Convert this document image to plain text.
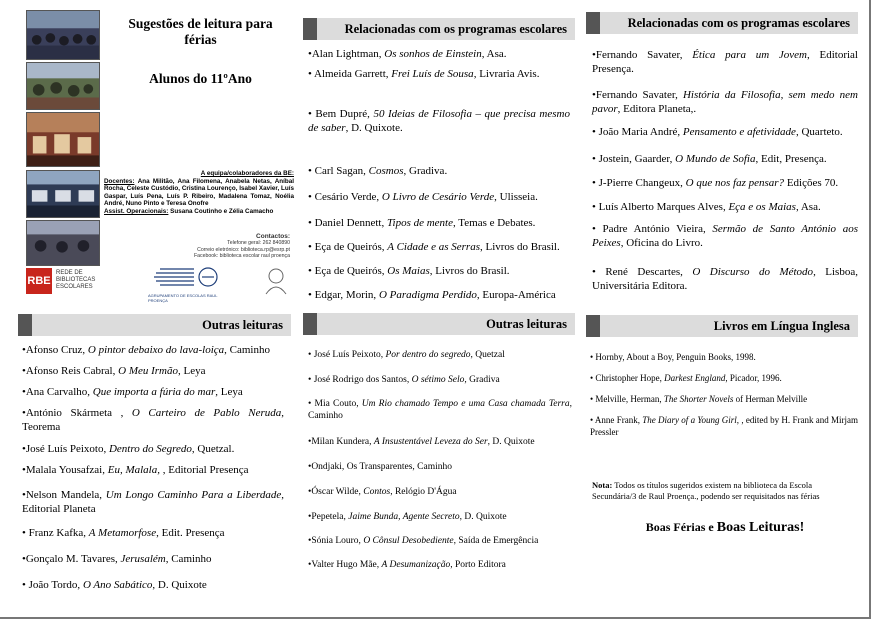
Sugestões de leitura para
férias
Alunos do 11ºAno
A equipa/colaboradores da BE:
Docentes: Ana Militão, Ana Filomena, Anabela Netas, Aníbal Rocha, Celeste Custódio, Cristina Lourenço, Isabel Xavier, Luís Gaspar, Luís Pena, Luís P. Ribeiro, Madalena Tomaz, Noélia André, Nuno Pinto e Teresa Onofre
Assist. Operacionais: Susana Coutinho e Zélia Camacho
Contactos:
Telefone geral: 262 840890
Correio eletrónico: biblioteca.rp@esrp.pt
Facebook: biblioteca escolar raul proença
RBE
REDE DE
BIBLIOTECAS
ESCOLARES
AGRUPAMENTO DE ESCOLAS RAUL PROENÇA
Relacionadas com os programas escolares
•Alan Lightman, Os sonhos de Einstein, Asa.
• Almeida Garrett, Frei Luís de Sousa, Livraria Avis.
• Bem Dupré, 50 Ideias de Filosofia – que precisa mesmo de saber, D. Quixote.
• Carl Sagan, Cosmos, Gradiva.
• Cesário Verde, O Livro de Cesário Verde, Ulisseia.
• Daniel Dennett, Tipos de mente, Temas e Debates.
• Eça de Queirós, A Cidade e as Serras, Livros do Brasil.
• Eça de Queirós, Os Maias, Livros do Brasil.
• Edgar, Morin, O Paradigma Perdido, Europa-América
Relacionadas com os programas escolares
•Fernando Savater, Ética para um Jovem, Editorial Presença.
•Fernando Savater, História da Filosofia, sem medo nem pavor, Editora Planeta,.
• João Maria André, Pensamento e afetividade, Quarteto.
• Jostein, Gaarder, O Mundo de Sofia, Edit, Presença.
• J-Pierre Changeux, O que nos faz pensar? Edições 70.
• Luís Alberto Marques Alves, Eça e os Maias, Asa.
• Padre António Vieira, Sermão de Santo António aos Peixes, Oficina do Livro.
• René Descartes, O Discurso do Método, Lisboa, Universitária Editora.
Outras leituras
•Afonso Cruz, O pintor debaixo do lava-loiça, Caminho
•Afonso Reis Cabral, O Meu Irmão, Leya
•Ana Carvalho, Que importa a fúria do mar, Leya
•António Skármeta , O Carteiro de Pablo Neruda, Teorema
•José Luís Peixoto, Dentro do Segredo, Quetzal.
•Malala Yousafzai, Eu, Malala, , Editorial Presença
•Nelson Mandela, Um Longo Caminho Para a Liberdade, Editorial Planeta
• Franz Kafka, A Metamorfose, Edit. Presença
•Gonçalo M. Tavares, Jerusalém, Caminho
• João Tordo, O Ano Sabático, D. Quixote
Outras leituras
• José Luís Peixoto, Por dentro do segredo, Quetzal
• José Rodrigo dos Santos, O sétimo Selo, Gradiva
• Mia Couto, Um Rio chamado Tempo e uma Casa chamada Terra, Caminho
•Milan Kundera, A Insustentável Leveza do Ser, D. Quixote
•Ondjaki, Os Transparentes, Caminho
•Óscar Wilde, Contos, Relógio D'Água
•Pepetela, Jaime Bunda, Agente Secreto, D. Quixote
•Sónia Louro, O Cônsul Desobediente, Saída de Emergência
•Valter Hugo Mãe, A Desumanização, Porto Editora
Livros em Língua Inglesa
• Hornby, About a Boy, Penguin Books, 1998.
• Christopher Hope, Darkest England, Picador, 1996.
• Melville, Herman, The Shorter Novels of Herman Melville
• Anne Frank, The Diary of a Young Girl, , edited by H. Frank and Mirjam Pressler
Nota: Todos os títulos sugeridos existem na biblioteca da Escola Secundária/3 de Raul Proença., podendo ser requisitados nas férias
Boas Férias e Boas Leituras!
